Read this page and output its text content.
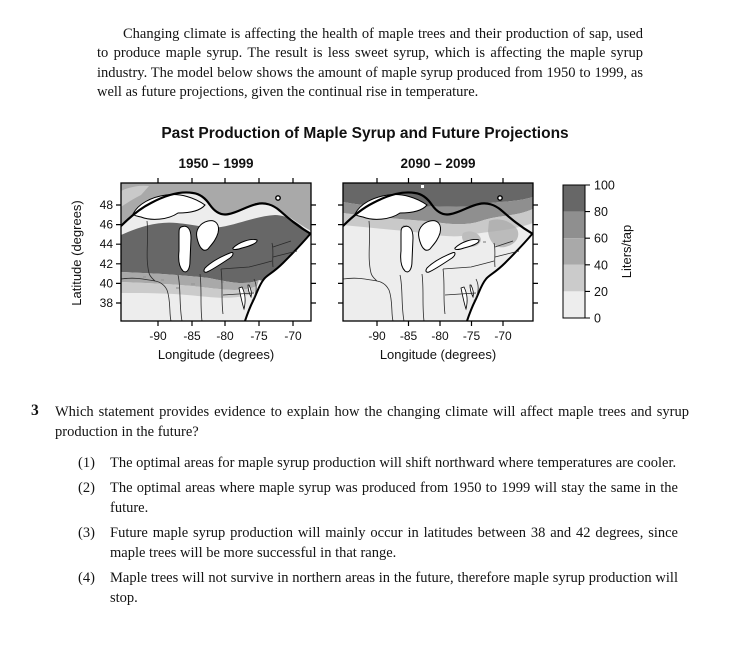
Changing climate is affecting the health of maple trees and their production of sap, used to produce maple syrup. The result is less sweet syrup, which is affecting the maple syrup industry. The model below shows the amount of maple syrup produced from 1950 to 1999, as well as future projections, given the continual rise in temperature.

Past Production of Maple Syrup and Future Projections
1950 – 1999	2090 – 2099
48
46
44
42
40
38
-90 -85 -80 -75 -70
Longitude (degrees)
-90 -85 -80 -75 -70
Longitude (degrees)
Latitude (degrees)
100
80
60
40
20
0
Liters/tap
3	Which statement provides evidence to explain how the changing climate will affect maple trees and syrup production in the future?
(1)	The optimal areas for maple syrup production will shift northward where temperatures are cooler.
(2)	The optimal areas where maple syrup was produced from 1950 to 1999 will stay the same in the future.
(3)	Future maple syrup production will mainly occur in latitudes between 38 and 42 degrees, since maple trees will be more successful in that range.
(4)	Maple trees will not survive in northern areas in the future, therefore maple syrup production will stop.
